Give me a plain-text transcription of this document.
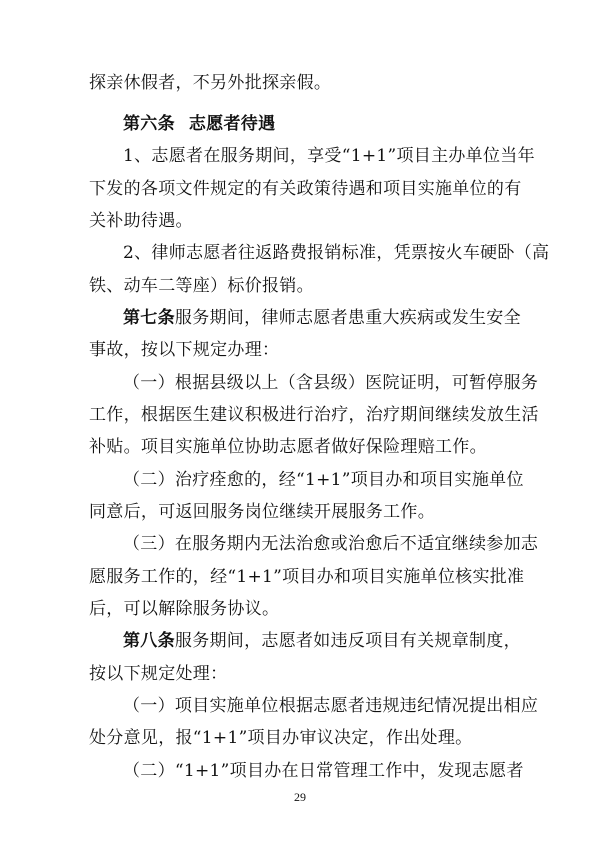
探亲休假者，不另外批探亲假。
第六条 志愿者待遇
1、志愿者在服务期间，享受“1+1”项目主办单位当年
下发的各项文件规定的有关政策待遇和项目实施单位的有
关补助待遇。
2、律师志愿者往返路费报销标准，凭票按火车硬卧（高
铁、动车二等座）标价报销。
第七条 服务期间，律师志愿者患重大疾病或发生安全
事故，按以下规定办理：
（一）根据县级以上（含县级）医院证明，可暂停服务
工作，根据医生建议积极进行治疗，治疗期间继续发放生活
补贴。项目实施单位协助志愿者做好保险理赔工作。
（二）治疗痊愈的，经“1+1”项目办和项目实施单位
同意后，可返回服务岗位继续开展服务工作。
（三）在服务期内无法治愈或治愈后不适宜继续参加志
愿服务工作的，经“1+1”项目办和项目实施单位核实批准
后，可以解除服务协议。
第八条 服务期间，志愿者如违反项目有关规章制度，
按以下规定处理：
（一）项目实施单位根据志愿者违规违纪情况提出相应
处分意见，报“1+1”项目办审议决定，作出处理。
（二）“1+1”项目办在日常管理工作中，发现志愿者
29
